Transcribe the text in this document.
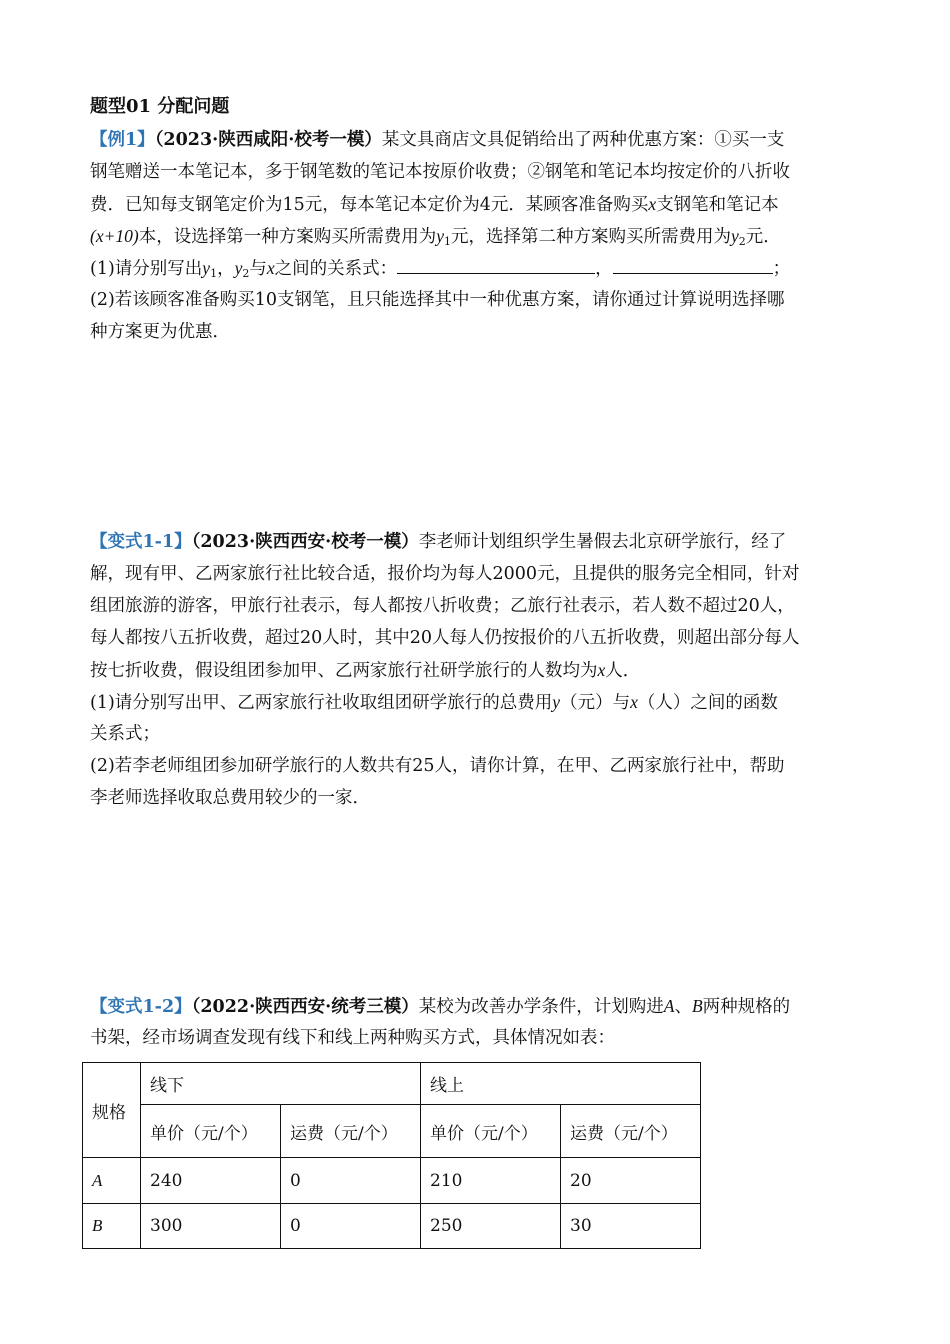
题型01 分配问题
【例1】（2023·陕西咸阳·校考一模）某文具商店文具促销给出了两种优惠方案：①买一支
钢笔赠送一本笔记本，多于钢笔数的笔记本按原价收费；②钢笔和笔记本均按定价的八折收
费．已知每支钢笔定价为15元，每本笔记本定价为4元．某顾客准备购买x支钢笔和笔记本
(x+10)本，设选择第一种方案购买所需费用为$y_1$元，选择第二种方案购买所需费用为$y_2$元．
(1)请分别写出$y_1$，$y_2$与x之间的关系式：	，	；
(2)若该顾客准备购买10支钢笔，且只能选择其中一种优惠方案，请你通过计算说明选择哪
种方案更为优惠．
【变式1-1】（2023·陕西西安·校考一模）李老师计划组织学生暑假去北京研学旅行，经了
解，现有甲、乙两家旅行社比较合适，报价均为每人2000元，且提供的服务完全相同，针对
组团旅游的游客，甲旅行社表示，每人都按八折收费；乙旅行社表示，若人数不超过20人，
每人都按八五折收费，超过20人时，其中20人每人仍按报价的八五折收费，则超出部分每人
按七折收费，假设组团参加甲、乙两家旅行社研学旅行的人数均为x人．
(1)请分别写出甲、乙两家旅行社收取组团研学旅行的总费用y（元）与x（人）之间的函数
关系式；
(2)若李老师组团参加研学旅行的人数共有25人，请你计算，在甲、乙两家旅行社中，帮助
李老师选择收取总费用较少的一家．
【变式1-2】（2022·陕西西安·统考三模）某校为改善办学条件，计划购进A、B两种规格的
书架，经市场调查发现有线下和线上两种购买方式，具体情况如表：
规格	线下		线上	
	单价（元/个）	运费（元/个）	单价（元/个）	运费（元/个）
A	240	0	210	20
B	300	0	250	30
